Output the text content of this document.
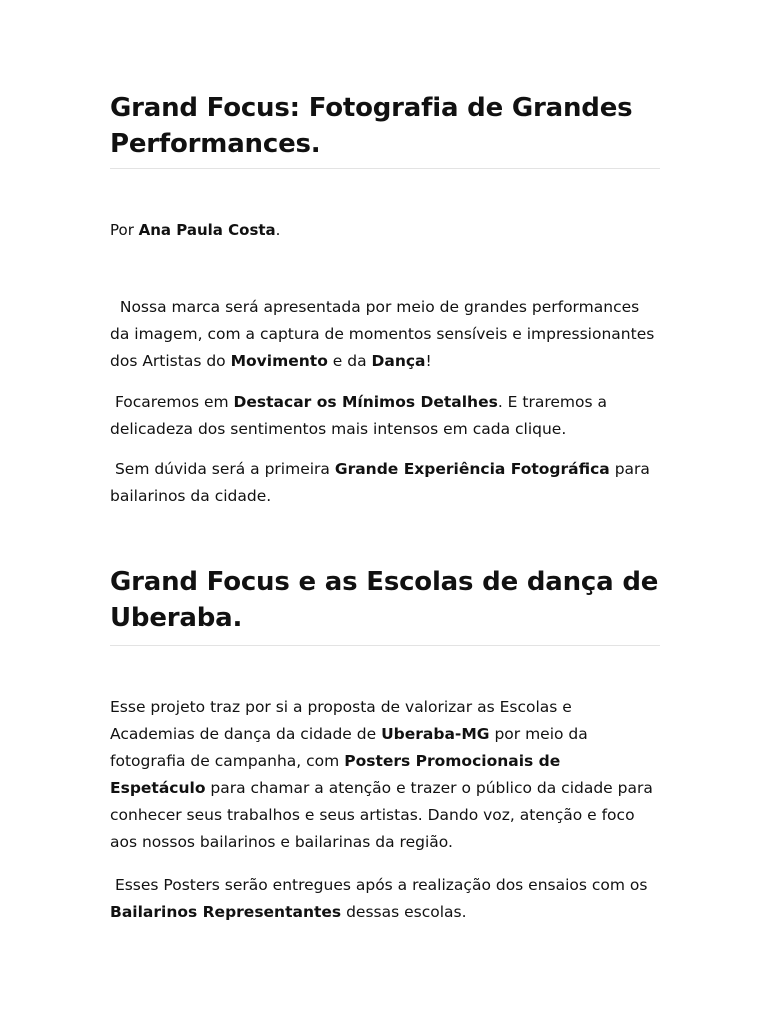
Grand Focus: Fotografia de Grandes Performances.
Por Ana Paula Costa.

Nossa marca será apresentada por meio de grandes performances da imagem, com a captura de momentos sensíveis e impressionantes dos Artistas do Movimento e da Dança!

Focaremos em Destacar os Mínimos Detalhes. E traremos a delicadeza dos sentimentos mais intensos em cada clique.

Sem dúvida será a primeira Grande Experiência Fotográfica para bailarinos da cidade.

Grand Focus e as Escolas de dança de Uberaba.

Esse projeto traz por si a proposta de valorizar as Escolas e Academias de dança da cidade de Uberaba-MG por meio da fotografia de campanha, com Posters Promocionais de Espetáculo para chamar a atenção e trazer o público da cidade para conhecer seus trabalhos e seus artistas. Dando voz, atenção e foco aos nossos bailarinos e bailarinas da região.

Esses Posters serão entregues após a realização dos ensaios com os Bailarinos Representantes dessas escolas.
